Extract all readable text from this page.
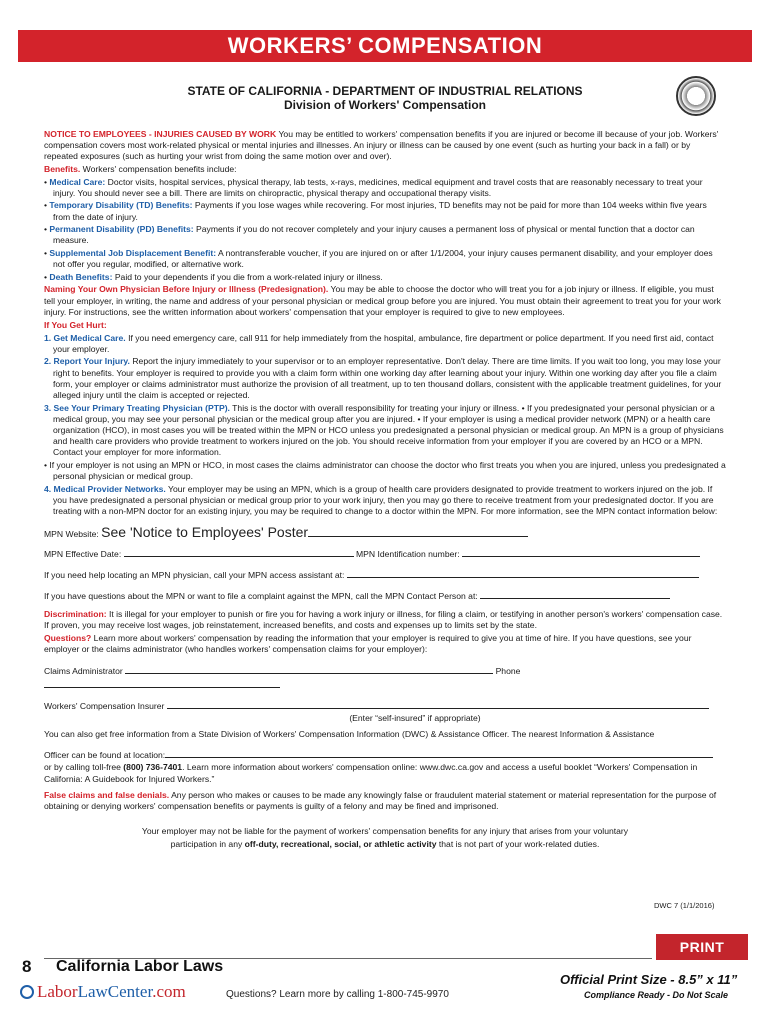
WORKERS’ COMPENSATION
STATE OF CALIFORNIA - DEPARTMENT OF INDUSTRIAL RELATIONS
Division of Workers' Compensation

NOTICE TO EMPLOYEES - INJURIES CAUSED BY WORK You may be entitled to workers' compensation benefits if you are injured or become ill because of your job. Workers' compensation covers most work-related physical or mental injuries and illnesses. An injury or illness can be caused by one event (such as hurting your back in a fall) or by repeated exposures (such as hurting your wrist from doing the same motion over and over).

Benefits. Workers' compensation benefits include:

• Medical Care: Doctor visits, hospital services, physical therapy, lab tests, x-rays, medicines, medical equipment and travel costs that are reasonably necessary to treat your injury. You should never see a bill. There are limits on chiropractic, physical therapy and occupational therapy visits.

• Temporary Disability (TD) Benefits: Payments if you lose wages while recovering. For most injuries, TD benefits may not be paid for more than 104 weeks within five years from the date of injury.

• Permanent Disability (PD) Benefits: Payments if you do not recover completely and your injury causes a permanent loss of physical or mental function that a doctor can measure.

• Supplemental Job Displacement Benefit: A nontransferable voucher, if you are injured on or after 1/1/2004, your injury causes permanent disability, and your employer does not offer you regular, modified, or alternative work.

• Death Benefits: Paid to your dependents if you die from a work-related injury or illness.

Naming Your Own Physician Before Injury or Illness (Predesignation). You may be able to choose the doctor who will treat you for a job injury or illness. If eligible, you must tell your employer, in writing, the name and address of your personal physician or medical group before you are injured. You must obtain their agreement to treat you for your work injury. For instructions, see the written information about workers' compensation that your employer is required to give to new employees.

If You Get Hurt:

1. Get Medical Care. If you need emergency care, call 911 for help immediately from the hospital, ambulance, fire department or police department. If you need first aid, contact your employer.

2. Report Your Injury. Report the injury immediately to your supervisor or to an employer representative. Don't delay. There are time limits. If you wait too long, you may lose your right to benefits. Your employer is required to provide you with a claim form within one working day after learning about your injury. Within one working day after you file a claim form, your employer or claims administrator must authorize the provision of all treatment, up to ten thousand dollars, consistent with the applicable treatment guidelines, for your alleged injury until the claim is accepted or rejected.

3. See Your Primary Treating Physician (PTP). This is the doctor with overall responsibility for treating your injury or illness. • If you predesignated your personal physician or a medical group, you may see your personal physician or the medical group after you are injured. • If your employer is using a medical provider network (MPN) or a health care organization (HCO), in most cases you will be treated within the MPN or HCO unless you predesignated a personal physician or medical group. An MPN is a group of physicians and health care providers who provide treatment to workers injured on the job. You should receive information from your employer if you are covered by an HCO or a MPN. Contact your employer for more information.

• If your employer is not using an MPN or HCO, in most cases the claims administrator can choose the doctor who first treats you when you are injured, unless you predesignated a personal physician or medical group.

4. Medical Provider Networks. Your employer may be using an MPN, which is a group of health care providers designated to provide treatment to workers injured on the job. If you have predesignated a personal physician or medical group prior to your work injury, then you may go there to receive treatment from your predesignated doctor. If you are treating with a non-MPN doctor for an existing injury, you may be required to change to a doctor within the MPN. For more information, see the MPN contact information below:

MPN Website: See 'Notice to Employees' Poster

MPN Effective Date:	MPN Identification number:

If you need help locating an MPN physician, call your MPN access assistant at:

If you have questions about the MPN or want to file a complaint against the MPN, call the MPN Contact Person at:

Discrimination: It is illegal for your employer to punish or fire you for having a work injury or illness, for filing a claim, or testifying in another person's workers' compensation case. If proven, you may receive lost wages, job reinstatement, increased benefits, and costs and expenses up to limits set by the state.

Questions? Learn more about workers' compensation by reading the information that your employer is required to give you at time of hire. If you have questions, see your employer or the claims administrator (who handles workers' compensation claims for your employer):

Claims Administrator	Phone

Workers' Compensation Insurer

(Enter “self-insured” if appropriate)

You can also get free information from a State Division of Workers' Compensation Information (DWC) & Assistance Officer. The nearest Information & Assistance

Officer can be found at location:

or by calling toll-free (800) 736-7401. Learn more information about workers' compensation online: www.dwc.ca.gov and access a useful booklet “Workers' Compensation in California: A Guidebook for Injured Workers.”

False claims and false denials. Any person who makes or causes to be made any knowingly false or fraudulent material statement or material representation for the purpose of obtaining or denying workers' compensation benefits or payments is guilty of a felony and may be fined and imprisoned.

Your employer may not be liable for the payment of workers' compensation benefits for any injury that arises from your voluntary

participation in any off-duty, recreational, social, or athletic activity that is not part of your work-related duties.

DWC 7 (1/1/2016)
PRINT
8 California Labor Laws
LaborLawCenter.com	Questions? Learn more by calling 1-800-745-9970
Official Print Size - 8.5” x 11”
Compliance Ready - Do Not Scale
